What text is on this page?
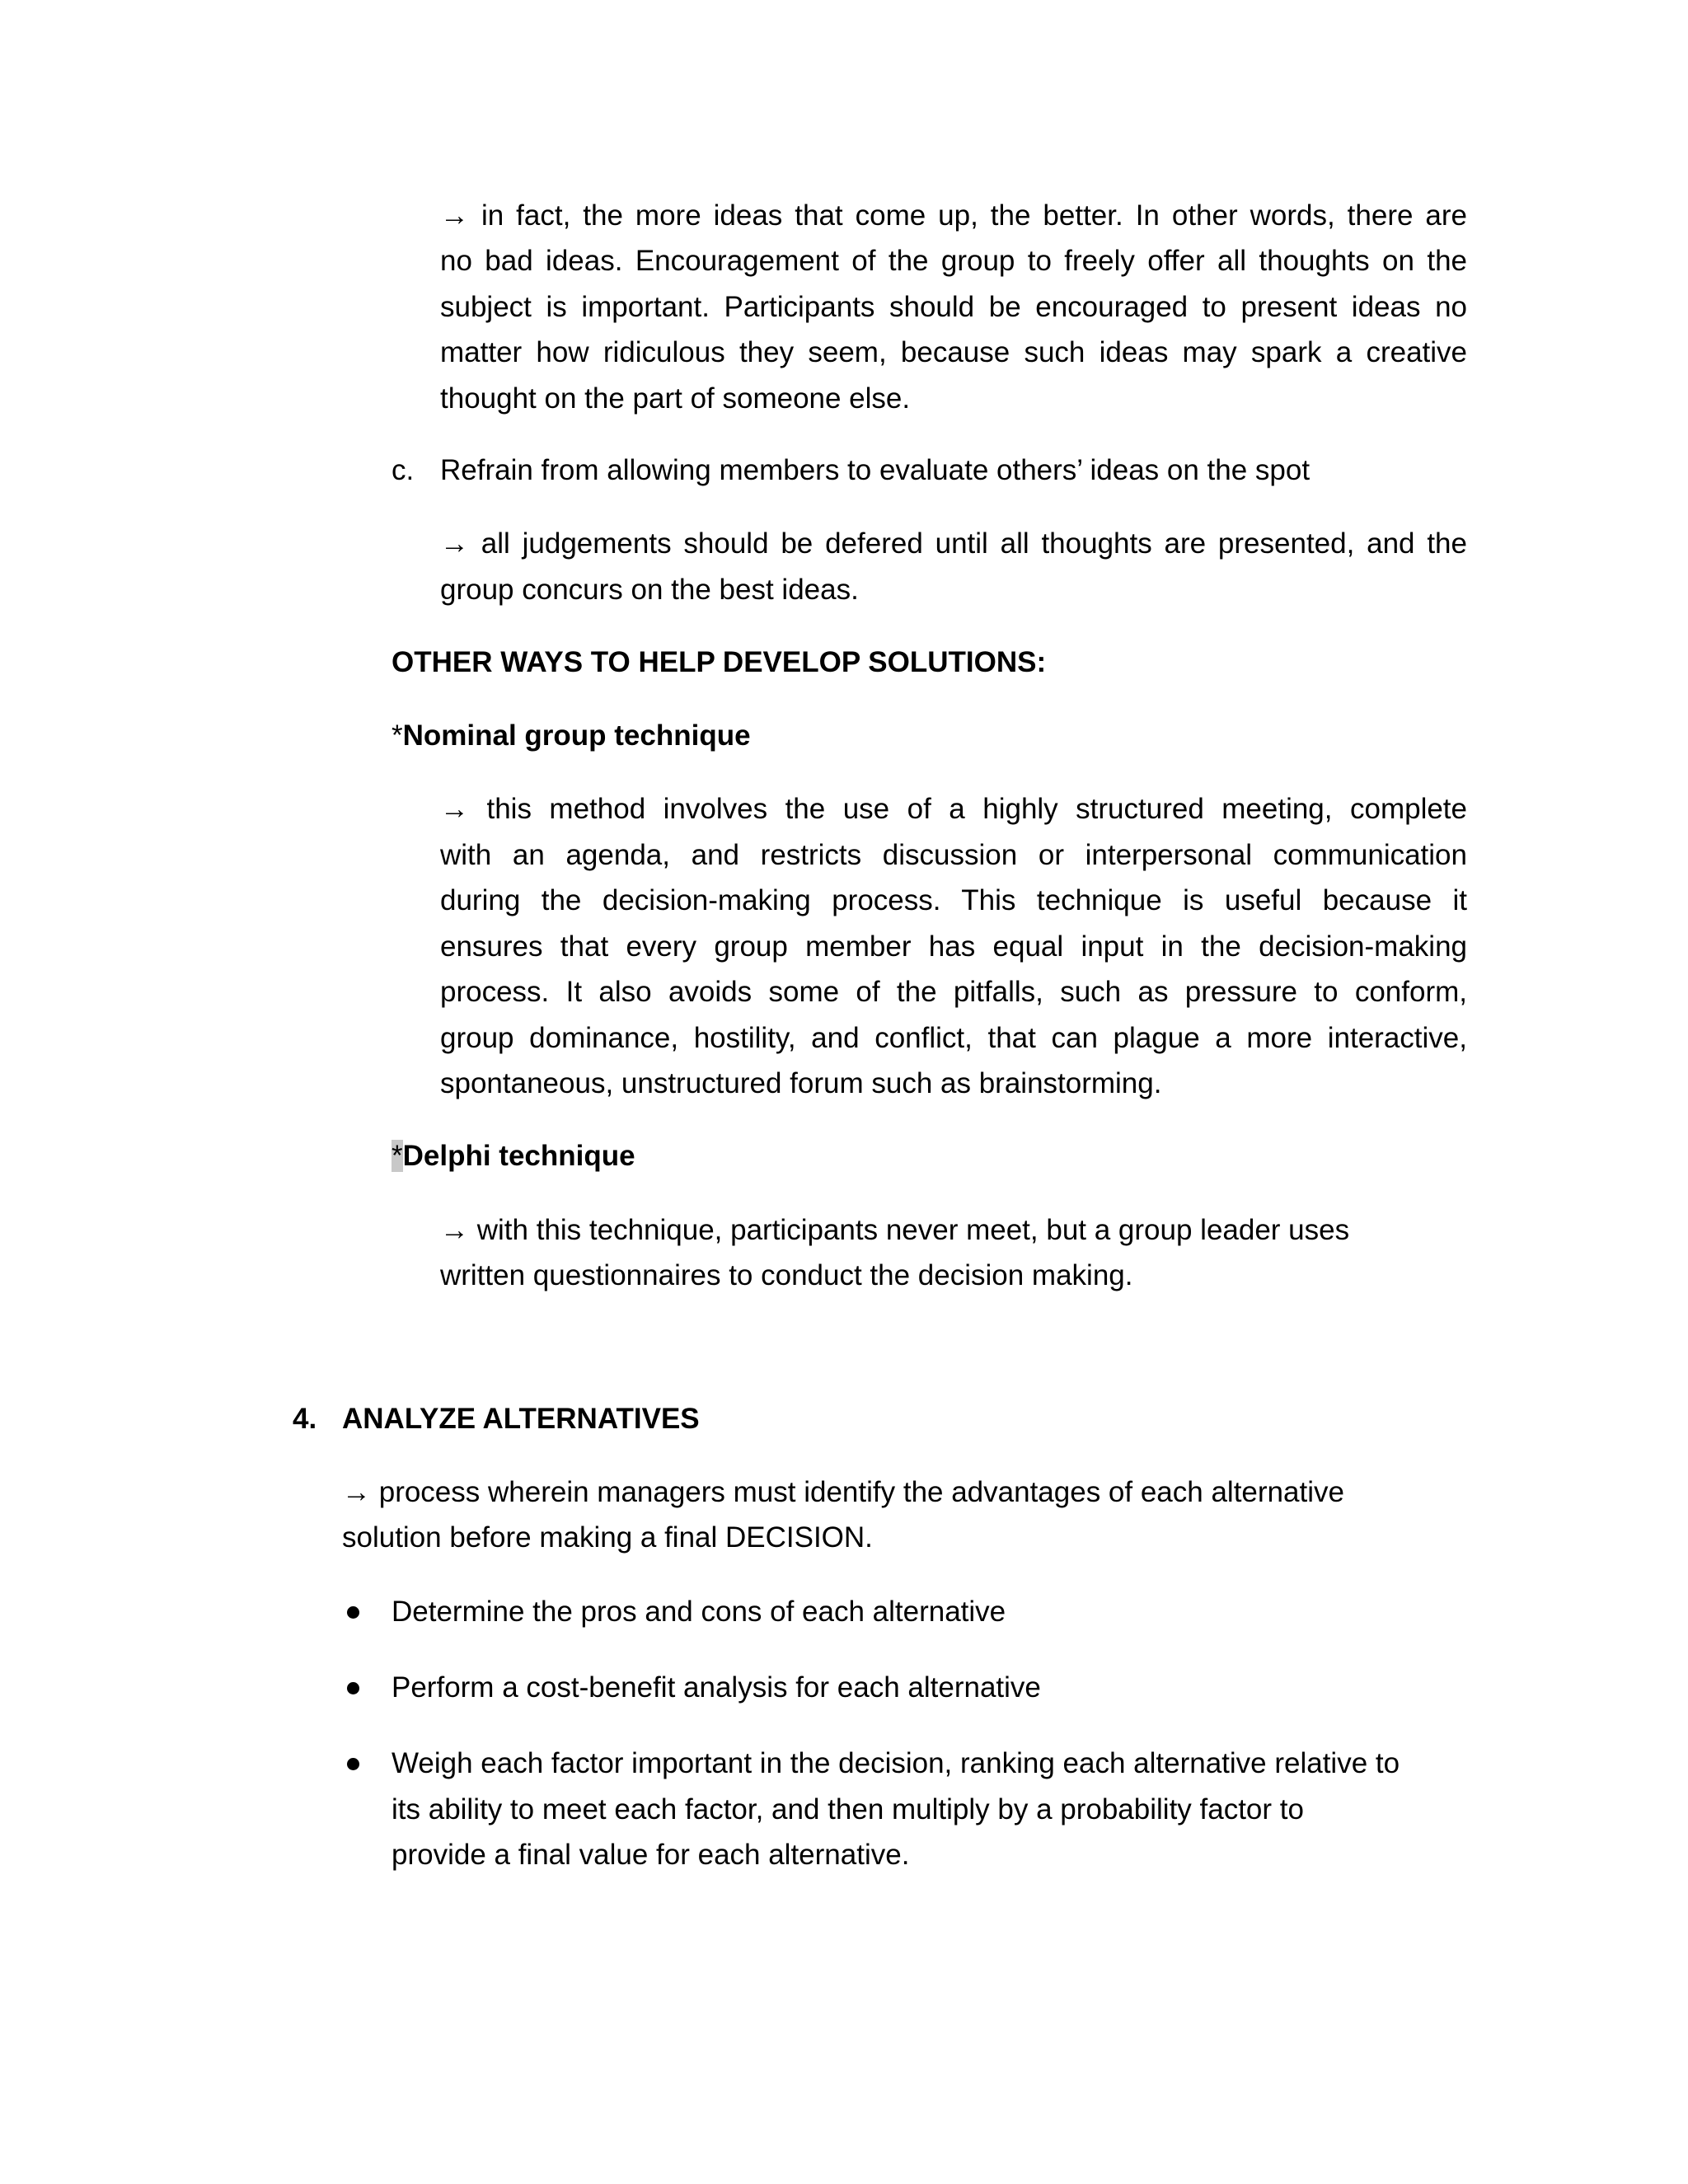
→ in fact, the more ideas that come up, the better. In other words, there are
no bad ideas. Encouragement of the group to freely offer all thoughts on the
subject is important. Participants should be encouraged to present ideas no
matter how ridiculous they seem, because such ideas may spark a creative
thought on the part of someone else.
c. Refrain from allowing members to evaluate others’ ideas on the spot
→ all judgements should be defered until all thoughts are presented, and the
group concurs on the best ideas.
OTHER WAYS TO HELP DEVELOP SOLUTIONS:
*Nominal group technique
→ this method involves the use of a highly structured meeting, complete
with an agenda, and restricts discussion or interpersonal communication
during the decision-making process. This technique is useful because it
ensures that every group member has equal input in the decision-making
process. It also avoids some of the pitfalls, such as pressure to conform,
group dominance, hostility, and conflict, that can plague a more interactive,
spontaneous, unstructured forum such as brainstorming.
*Delphi technique
→ with this technique, participants never meet, but a group leader uses
written questionnaires to conduct the decision making.
4. ANALYZE ALTERNATIVES
→ process wherein managers must identify the advantages of each alternative
solution before making a final DECISION.
Determine the pros and cons of each alternative
Perform a cost-benefit analysis for each alternative
Weigh each factor important in the decision, ranking each alternative relative to
its ability to meet each factor, and then multiply by a probability factor to
provide a final value for each alternative.
